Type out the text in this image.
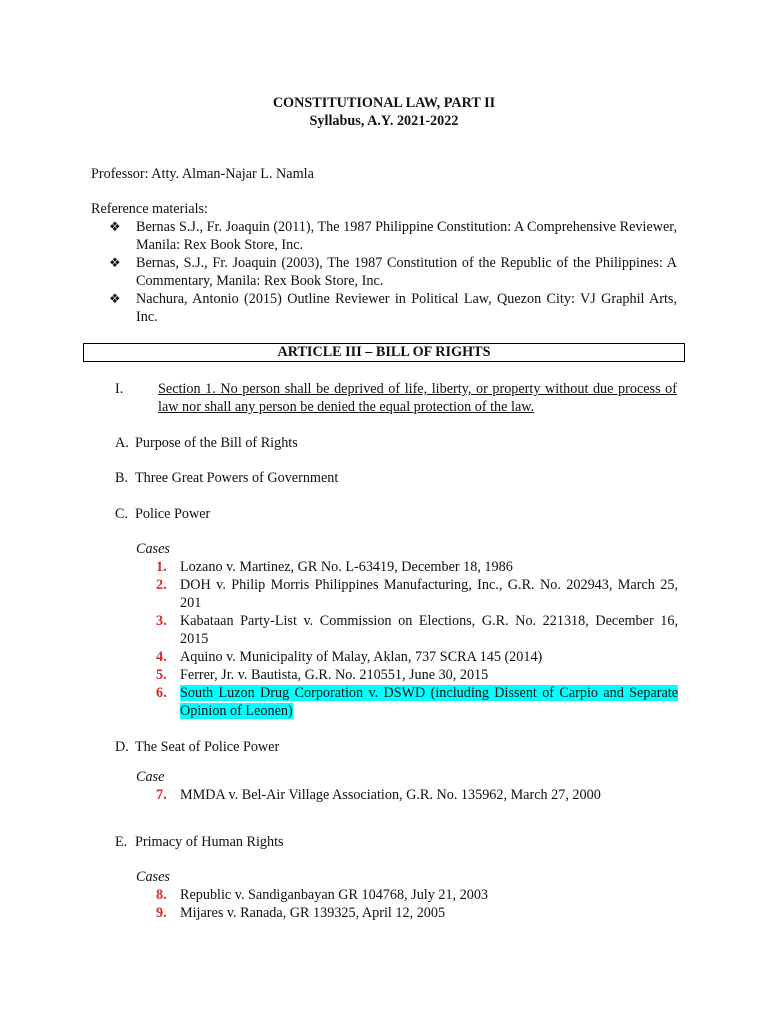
CONSTITUTIONAL LAW, PART II
Syllabus, A.Y. 2021-2022
Professor: Atty. Alman-Najar L. Namla
Reference materials:
❖ Bernas S.J., Fr. Joaquin (2011), The 1987 Philippine Constitution: A Comprehensive Reviewer, Manila: Rex Book Store, Inc.
❖ Bernas, S.J., Fr. Joaquin (2003), The 1987 Constitution of the Republic of the Philippines: A Commentary, Manila: Rex Book Store, Inc.
❖ Nachura, Antonio (2015) Outline Reviewer in Political Law, Quezon City: VJ Graphil Arts, Inc.
ARTICLE III – BILL OF RIGHTS
I. Section 1. No person shall be deprived of life, liberty, or property without due process of law nor shall any person be denied the equal protection of the law.
A. Purpose of the Bill of Rights
B. Three Great Powers of Government
C. Police Power
Cases
1. Lozano v. Martinez, GR No. L-63419, December 18, 1986
2. DOH v. Philip Morris Philippines Manufacturing, Inc., G.R. No. 202943, March 25, 201
3. Kabataan Party-List v. Commission on Elections, G.R. No. 221318, December 16, 2015
4. Aquino v. Municipality of Malay, Aklan, 737 SCRA 145 (2014)
5. Ferrer, Jr. v. Bautista, G.R. No. 210551, June 30, 2015
6. South Luzon Drug Corporation v. DSWD (including Dissent of Carpio and Separate Opinion of Leonen)
D. The Seat of Police Power
Case
7. MMDA v. Bel-Air Village Association, G.R. No. 135962, March 27, 2000
E. Primacy of Human Rights
Cases
8. Republic v. Sandiganbayan GR 104768, July 21, 2003
9. Mijares v. Ranada, GR 139325, April 12, 2005
